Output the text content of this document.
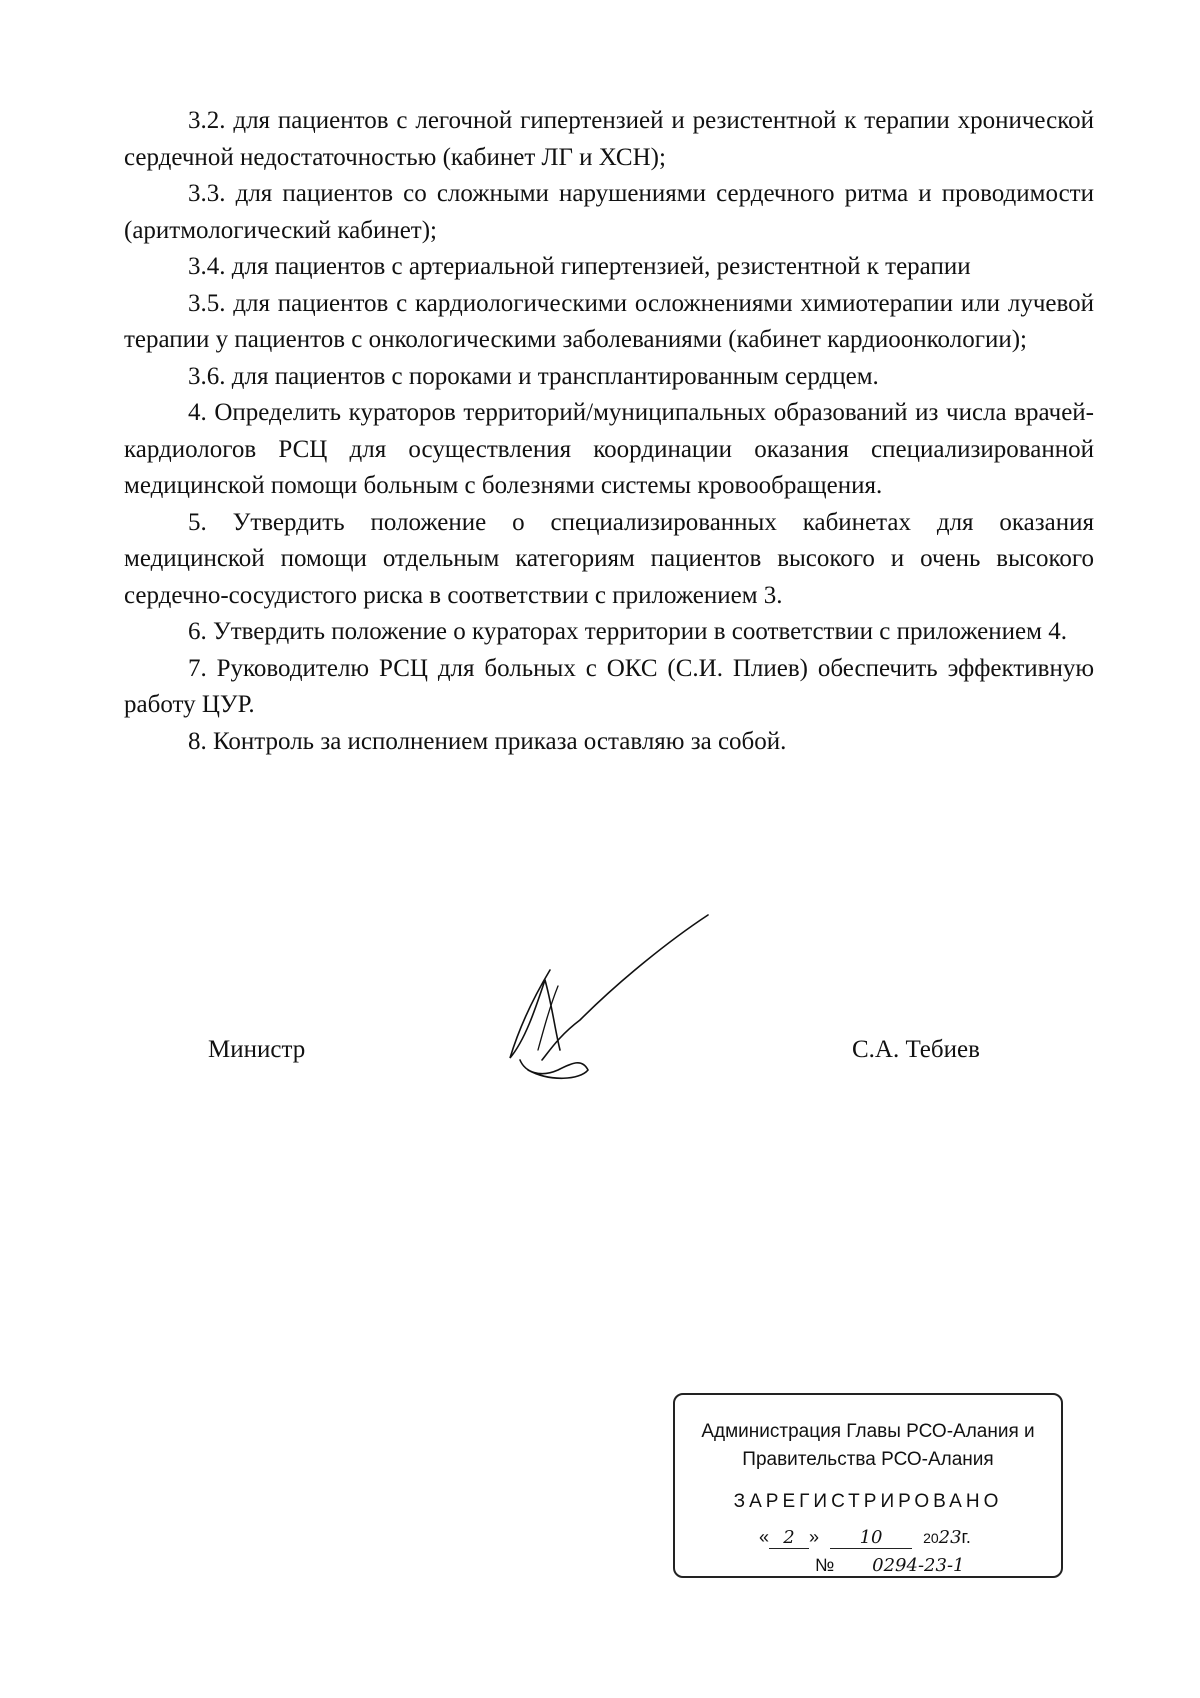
3.2. для пациентов с легочной гипертензией и резистентной к терапии хронической сердечной недостаточностью (кабинет ЛГ и ХСН);

3.3. для пациентов со сложными нарушениями сердечного ритма и проводимости (аритмологический кабинет);

3.4. для пациентов с артериальной гипертензией, резистентной к терапии

3.5. для пациентов с кардиологическими осложнениями химиотерапии или лучевой терапии у пациентов с онкологическими заболеваниями (кабинет кардиоонкологии);

3.6. для пациентов с пороками и трансплантированным сердцем.

4. Определить кураторов территорий/муниципальных образований из числа врачей-кардиологов РСЦ для осуществления координации оказания специализированной медицинской помощи больным с болезнями системы кровообращения.

5. Утвердить положение о специализированных кабинетах для оказания медицинской помощи отдельным категориям пациентов высокого и очень высокого сердечно-сосудистого риска в соответствии с приложением 3.

6. Утвердить положение о кураторах территории в соответствии с приложением 4.

7. Руководителю РСЦ для больных с ОКС (С.И. Плиев) обеспечить эффективную работу ЦУР.

8. Контроль за исполнением приказа оставляю за собой.

Министр	С.А. Тебиев
Администрация Главы РСО-Алания и
Правительства РСО-Алания
ЗАРЕГИСТРИРОВАНО
« 2 » 10	2023г.
№ 0294-23-1
